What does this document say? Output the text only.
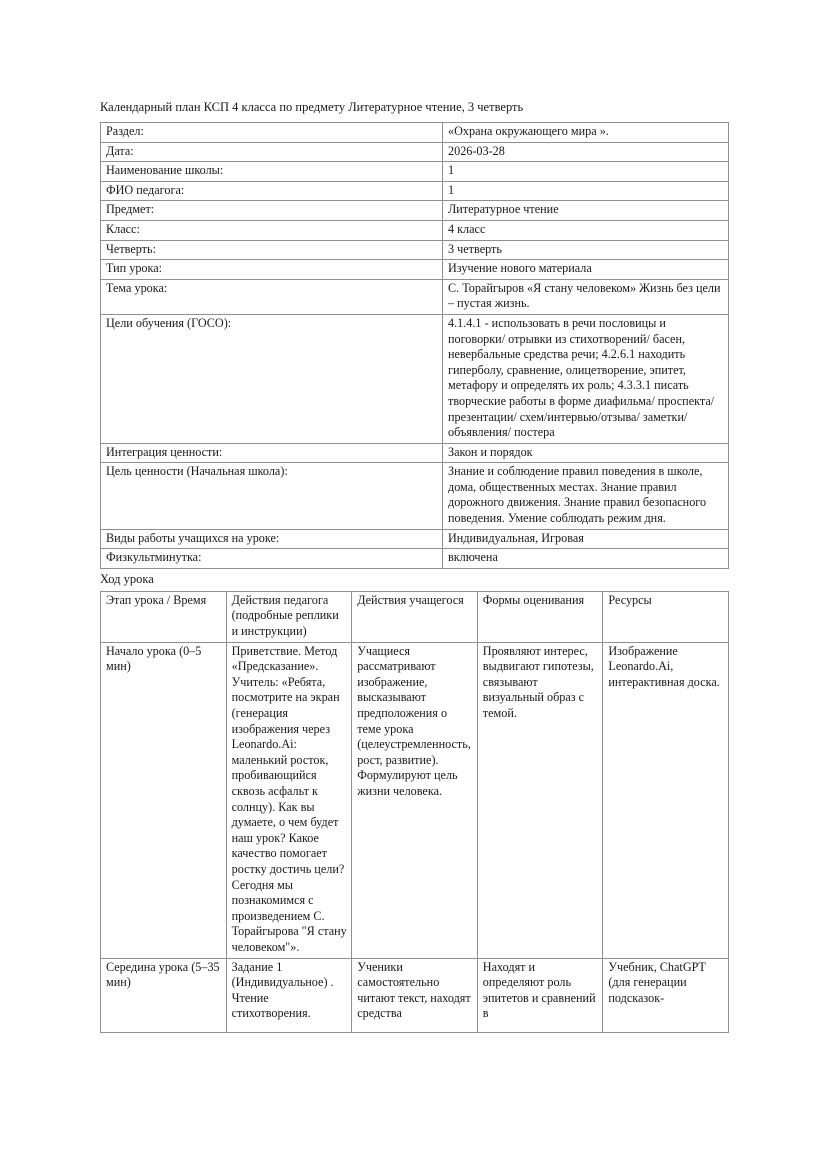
Календарный план КСП 4 класса по предмету Литературное чтение, 3 четверть
Раздел:	«Охрана окружающего мира ».
Дата:	2026-03-28
Наименование школы:	1
ФИО педагога:	1
Предмет:	Литературное чтение
Класс:	4 класс
Четверть:	3 четверть
Тип урока:	Изучение нового материала
Тема урока:	С. Торайгыров «Я стану человеком» Жизнь без цели – пустая жизнь.
Цели обучения (ГОСО):	4.1.4.1 - использовать в речи пословицы и поговорки/ отрывки из стихотворений/ басен, невербальные средства речи; 4.2.6.1 находить гиперболу, сравнение, олицетворение, эпитет, метафору и определять их роль; 4.3.3.1 писать творческие работы в форме диафильма/ проспекта/презентации/ схем/интервью/отзыва/ заметки/объявления/ постера
Интеграция ценности:	Закон и порядок
Цель ценности (Начальная школа):	Знание и соблюдение правил поведения в школе, дома, общественных местах. Знание правил дорожного движения. Знание правил безопасного поведения. Умение соблюдать режим дня.
Виды работы учащихся на уроке:	Индивидуальная, Игровая
Физкультминутка:	включена
Ход урока
Этап урока / Время	Действия педагога (подробные реплики и инструкции)	Действия учащегося	Формы оценивания	Ресурсы
Начало урока (0–5 мин)	Приветствие. Метод «Предсказание». Учитель: «Ребята, посмотрите на экран (генерация изображения через Leonardo.Ai: маленький росток, пробивающийся сквозь асфальт к солнцу). Как вы думаете, о чем будет наш урок? Какое качество помогает ростку достичь цели? Сегодня мы познакомимся с произведением С. Торайгырова "Я стану человеком"».	Учащиеся рассматривают изображение, высказывают предположения о теме урока (целеустремленность, рост, развитие). Формулируют цель жизни человека.	Проявляют интерес, выдвигают гипотезы, связывают визуальный образ с темой.	Изображение Leonardo.Ai, интерактивная доска.
Середина урока (5–35 мин)	Задание 1 (Индивидуальное) . Чтение стихотворения.	Ученики самостоятельно читают текст, находят средства	Находят и определяют роль эпитетов и сравнений в	Учебник, ChatGPT (для генерации подсказок-
